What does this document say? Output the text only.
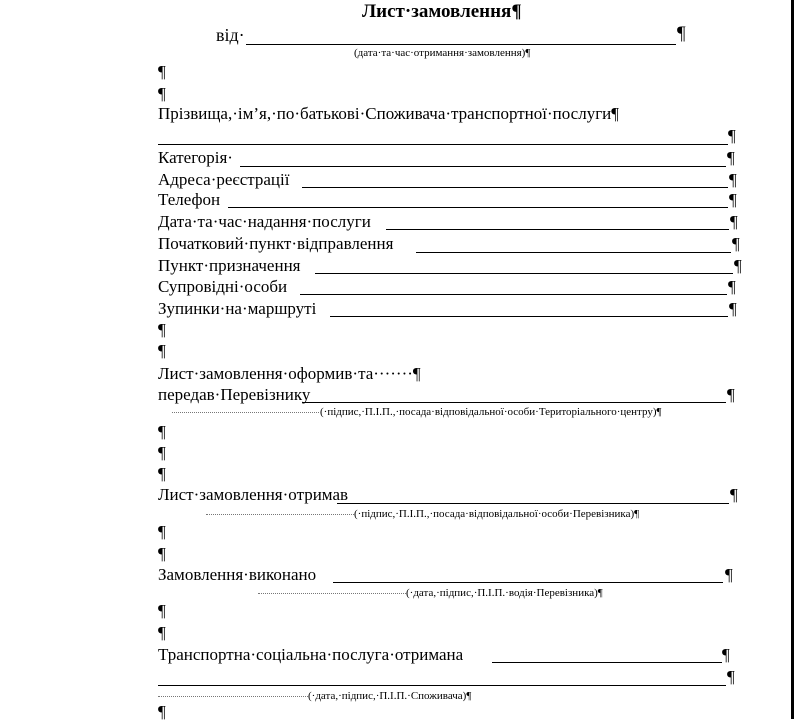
Лист·замовлення¶
від·	¶
(дата·та·час·отримання·замовлення)¶
¶
¶
Прізвища,·ім’я,·по·батькові·Споживача·транспортної·послуги¶
¶
Категорія·	¶
Адреса·реєстрації	¶
Телефон	¶
Дата·та·час·надання·послуги	¶
Початковий·пункт·відправлення	¶
Пункт·призначення	¶
Супровідні·особи	¶
Зупинки·на·маршруті	¶
¶
¶
Лист·замовлення·оформив·та·······¶
передав·Перевізнику	¶
(·підпис,·П.І.П.,·посада·відповідальної·особи·Територіального·центру)¶
¶
¶
¶
Лист·замовлення·отримав	¶
(·підпис,·П.І.П.,·посада·відповідальної·особи·Перевізника)¶
¶
¶
Замовлення·виконано	¶
(·дата,·підпис,·П.І.П.·водія·Перевізника)¶
¶
¶
Транспортна·соціальна·послуга·отримана	¶
¶
(·дата,·підпис,·П.І.П.·Споживача)¶
¶
